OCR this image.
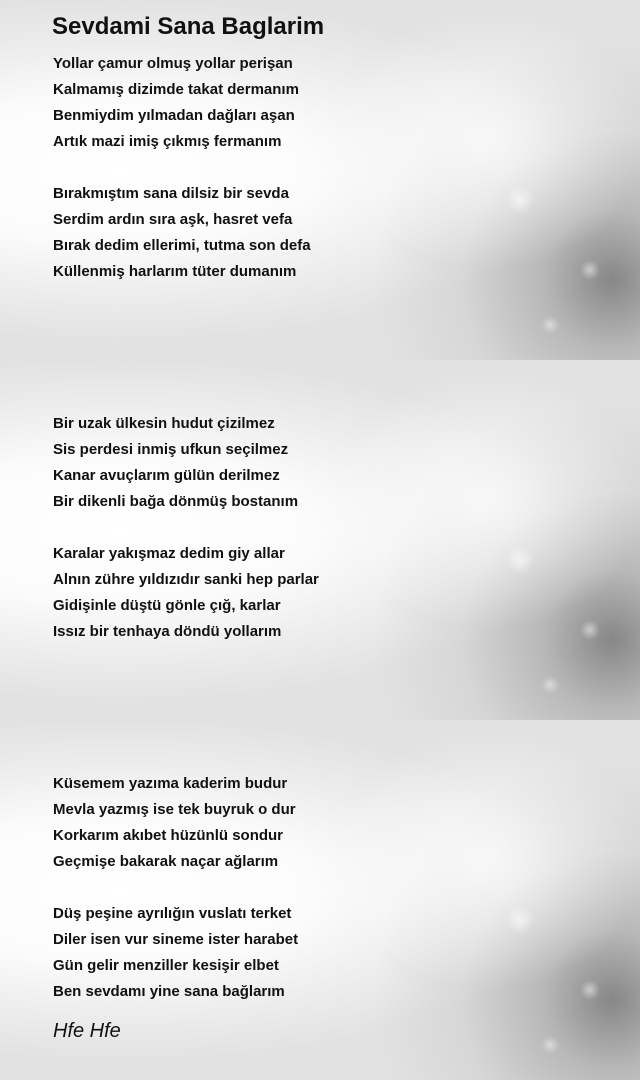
Sevdami Sana Baglarim

Yollar çamur olmuş yollar perişan
Kalmamış dizimde takat dermanım
Benmiydim yılmadan dağları aşan
Artık mazi imiş çıkmış fermanım

Bırakmıştım sana dilsiz bir sevda
Serdim ardın sıra aşk, hasret vefa
Bırak dedim ellerimi, tutma son defa
Küllenmiş harlarım tüter dumanım

Bir uzak ülkesin hudut çizilmez
Sis perdesi inmiş ufkun seçilmez
Kanar avuçlarım gülün derilmez
Bir dikenli bağa dönmüş bostanım

Karalar yakışmaz dedim giy allar
Alnın zühre yıldızıdır sanki hep parlar
Gidişinle düştü gönle çığ, karlar
Issız bir tenhaya döndü yollarım

Küsemem yazıma kaderim budur
Mevla yazmış ise tek buyruk o dur
Korkarım akıbet hüzünlü sondur
Geçmişe bakarak naçar ağlarım

Düş peşine ayrılığın vuslatı terket
Diler isen vur sineme ister harabet
Gün gelir menziller kesişir elbet
Ben sevdamı yine sana bağlarım

Hfe Hfe
